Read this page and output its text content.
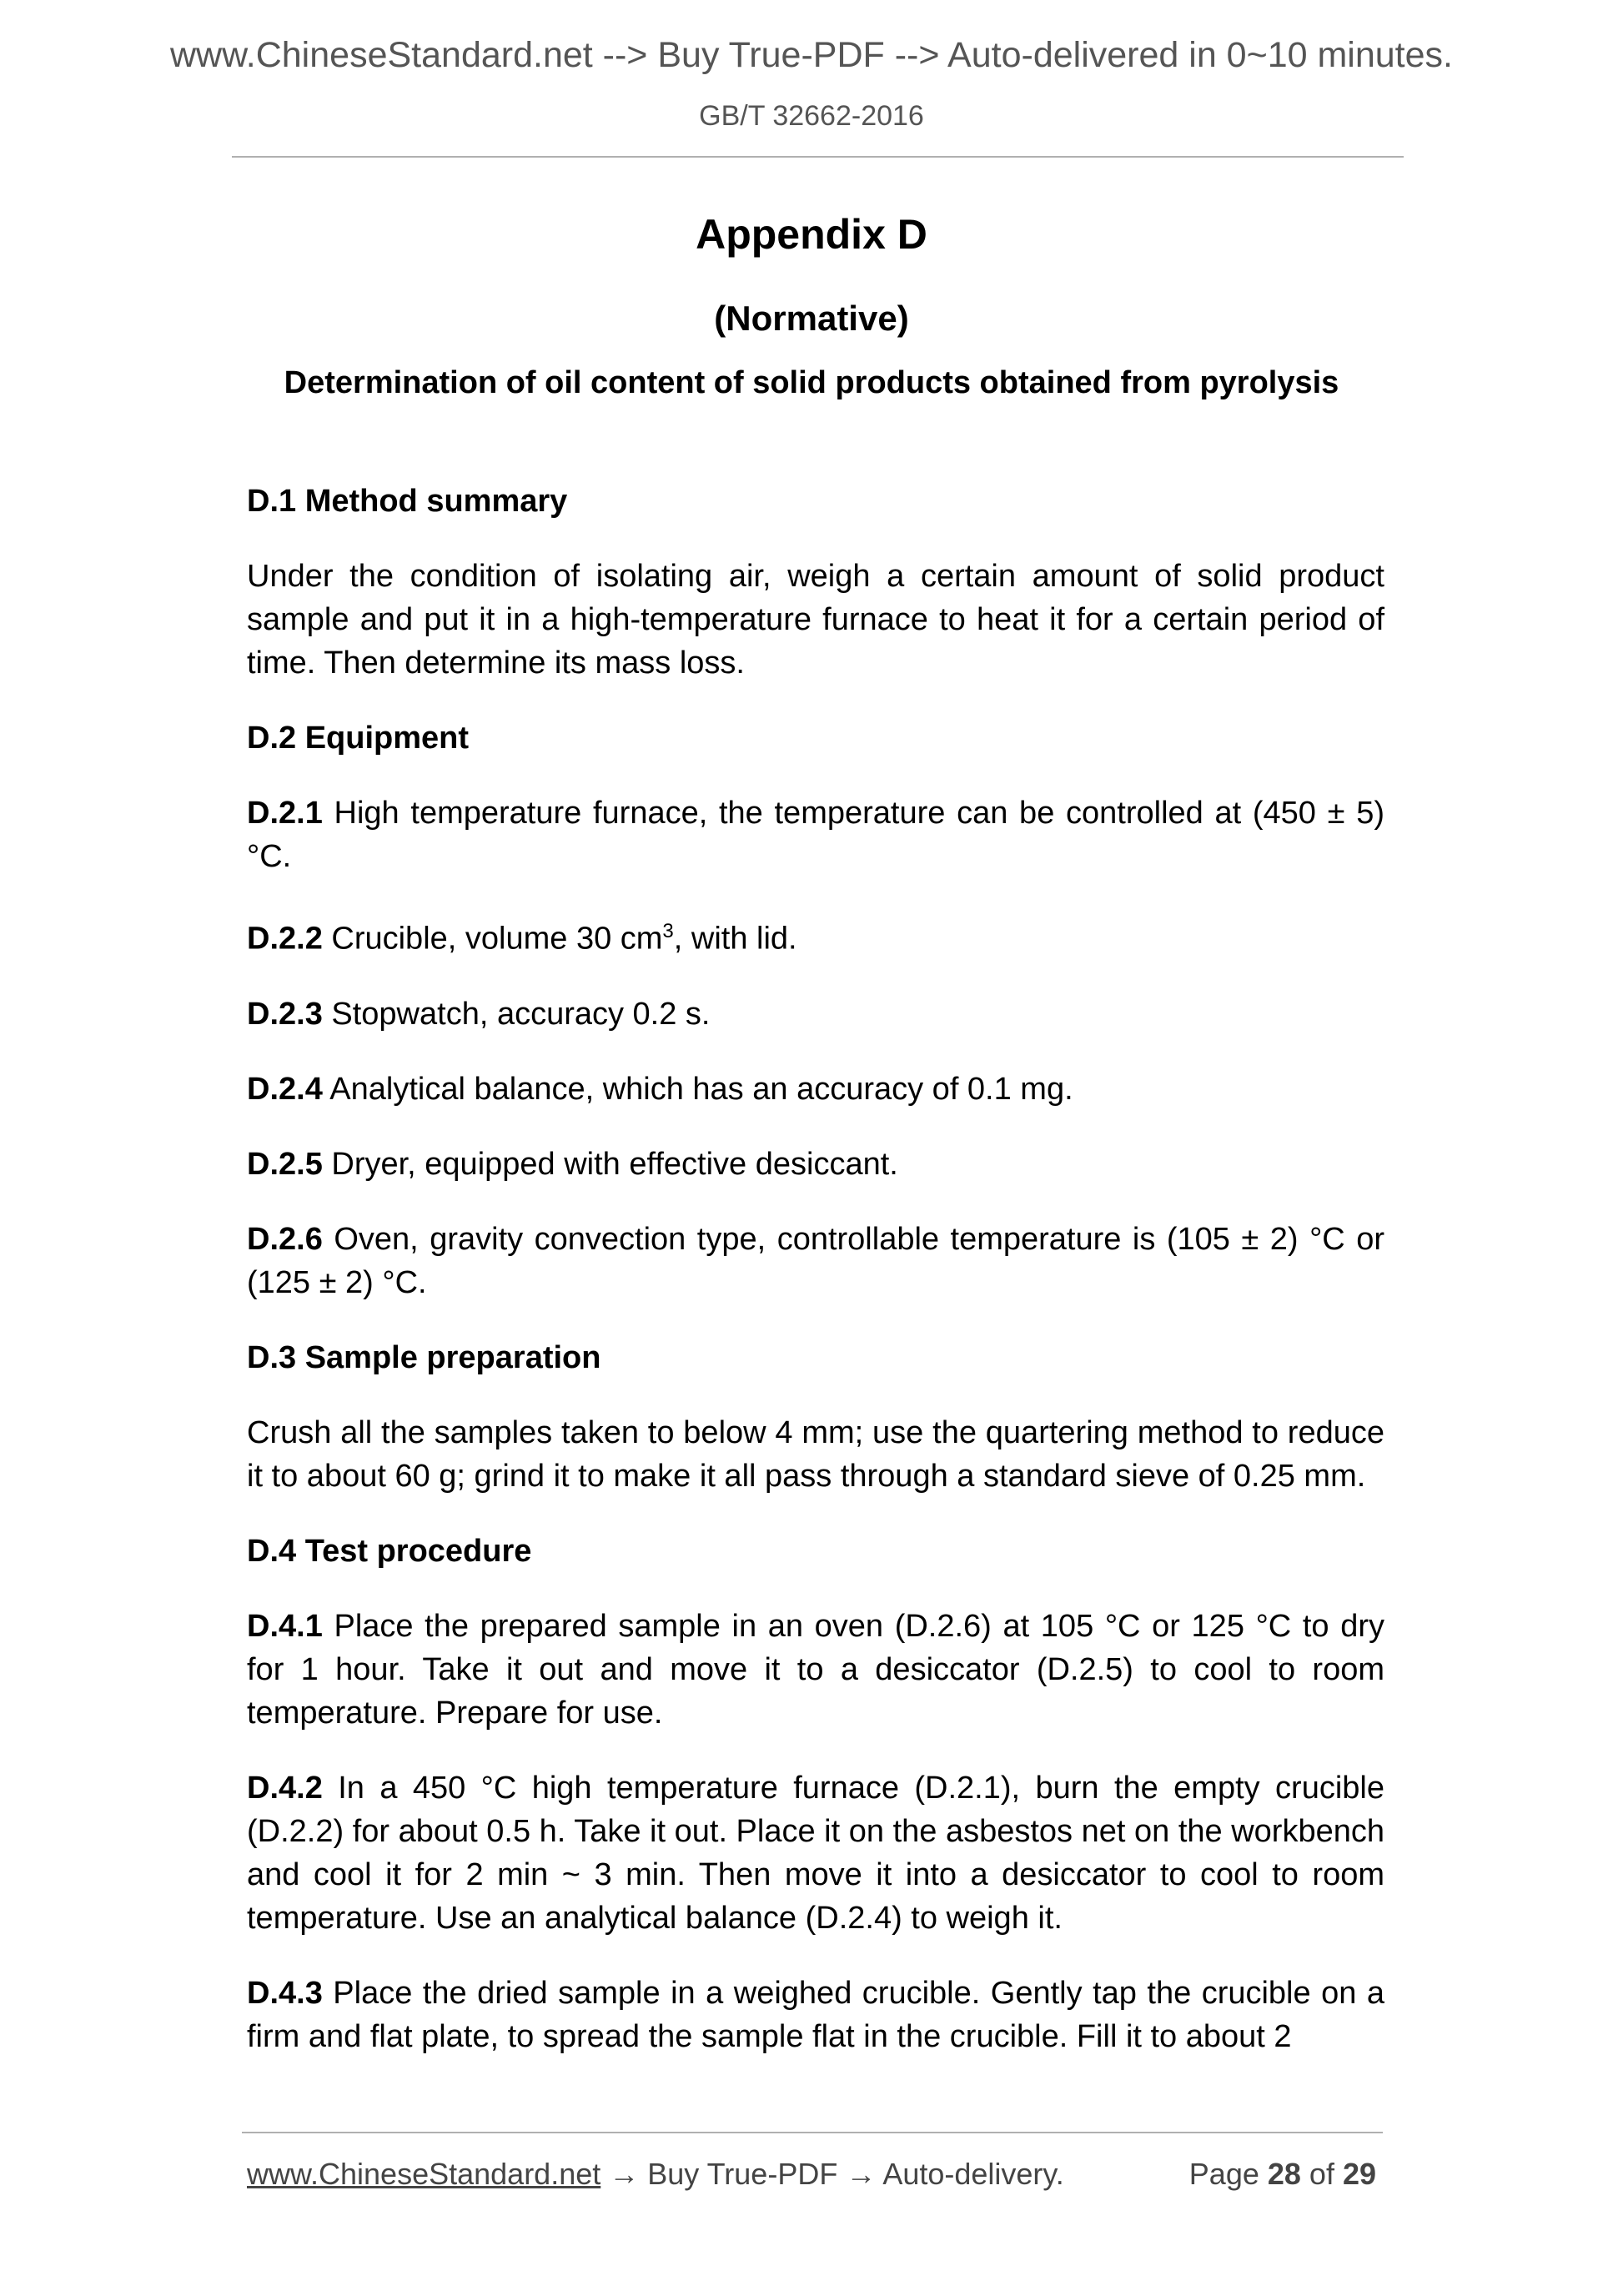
www.ChineseStandard.net --> Buy True-PDF --> Auto-delivered in 0~10 minutes.
GB/T 32662-2016
Appendix D
(Normative)
Determination of oil content of solid products obtained from pyrolysis
D.1 Method summary

Under the condition of isolating air, weigh a certain amount of solid product sample and put it in a high-temperature furnace to heat it for a certain period of time. Then determine its mass loss.

D.2 Equipment

D.2.1 High temperature furnace, the temperature can be controlled at (450 ± 5) °C.

D.2.2 Crucible, volume 30 $cm^3$, with lid.

D.2.3 Stopwatch, accuracy 0.2 s.

D.2.4 Analytical balance, which has an accuracy of 0.1 mg.

D.2.5 Dryer, equipped with effective desiccant.

D.2.6 Oven, gravity convection type, controllable temperature is (105 ± 2) °C or (125 ± 2) °C.

D.3 Sample preparation

Crush all the samples taken to below 4 mm; use the quartering method to reduce it to about 60 g; grind it to make it all pass through a standard sieve of 0.25 mm.

D.4 Test procedure

D.4.1 Place the prepared sample in an oven (D.2.6) at 105 °C or 125 °C to dry for 1 hour. Take it out and move it to a desiccator (D.2.5) to cool to room temperature. Prepare for use.

D.4.2 In a 450 °C high temperature furnace (D.2.1), burn the empty crucible (D.2.2) for about 0.5 h. Take it out. Place it on the asbestos net on the workbench and cool it for 2 min ~ 3 min. Then move it into a desiccator to cool to room temperature. Use an analytical balance (D.2.4) to weigh it.

D.4.3 Place the dried sample in a weighed crucible. Gently tap the crucible on a firm and flat plate, to spread the sample flat in the crucible. Fill it to about 2

www.ChineseStandard.net → Buy True-PDF → Auto-delivery.	Page 28 of 29
